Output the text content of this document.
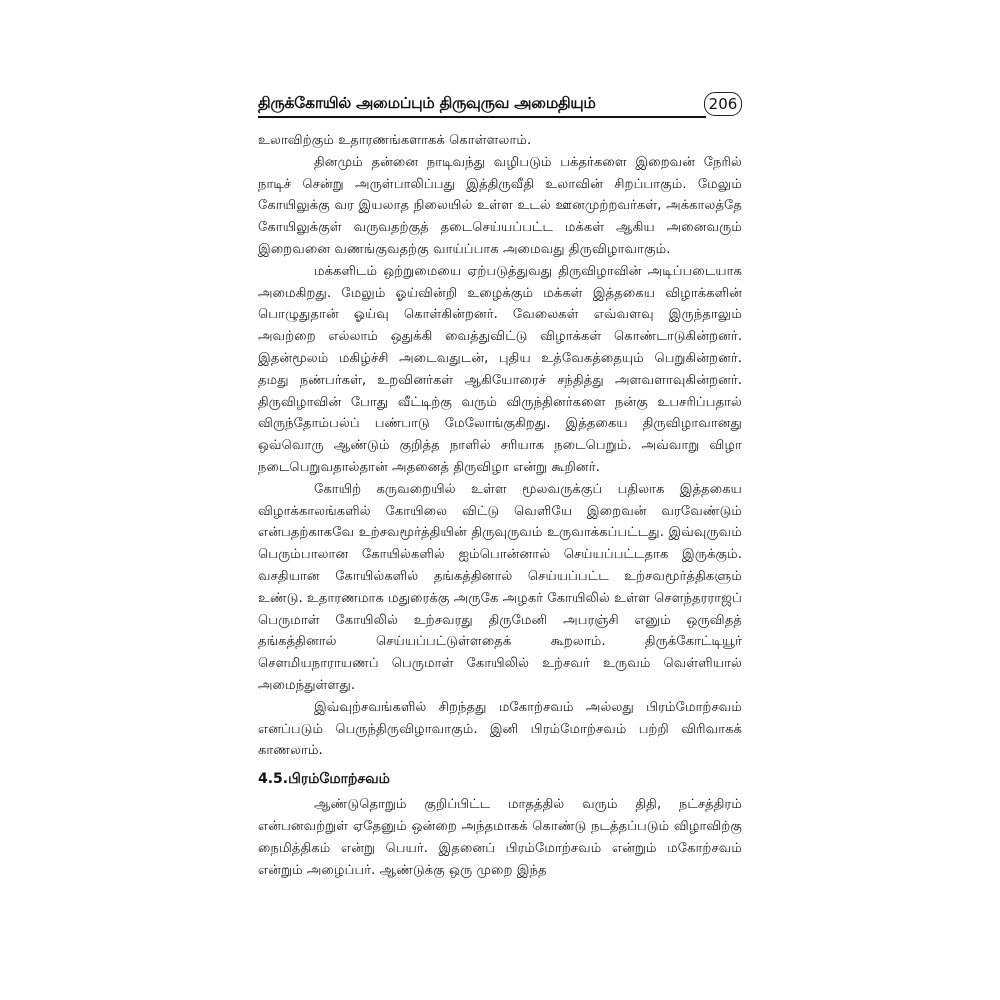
திருக்கோயில் அமைப்பும் திருவுருவ அமைதியும்	206

உலாவிற்கும் உதாரணங்களாகக் கொள்ளலாம்.

தினமும் தன்னை நாடிவந்து வழிபடும் பக்தர்களை இறைவன் நேரில் நாடிச் சென்று அருள்பாலிப்பது இத்திருவீதி உலாவின் சிறப்பாகும். மேலும் கோயிலுக்கு வர இயலாத நிலையில் உள்ள உடல் ஊனமுற்றவர்கள், அக்காலத்தே கோயிலுக்குள் வருவதற்குத் தடைசெய்யப்பட்ட மக்கள் ஆகிய அனைவரும் இறைவனை வணங்குவதற்கு வாய்ப்பாக அமைவது திருவிழாவாகும்.

மக்களிடம் ஒற்றுமையை ஏற்படுத்துவது திருவிழாவின் அடிப்படையாக அமைகிறது. மேலும் ஓய்வின்றி உழைக்கும் மக்கள் இத்தகைய விழாக்களின் பொழுதுதான் ஓய்வு கொள்கின்றனர். வேலைகள் எவ்வளவு இருந்தாலும் அவற்றை எல்லாம் ஒதுக்கி வைத்துவிட்டு விழாக்கள் கொண்டாடுகின்றனர். இதன்மூலம் மகிழ்ச்சி அடைவதுடன், புதிய உத்வேகத்தையும் பெறுகின்றனர். தமது நண்பர்கள், உறவினர்கள் ஆகியோரைச் சந்தித்து அளவளாவுகின்றனர். திருவிழாவின் போது வீட்டிற்கு வரும் விருந்தினர்களை நன்கு உபசரிப்பதால் விருந்தோம்பல்ப் பண்பாடு மேலோங்குகிறது. இத்தகைய திருவிழாவானது ஒவ்வொரு ஆண்டும் குறித்த நாளில் சரியாக நடைபெறும். அவ்வாறு விழா நடைபெறுவதால்தான் அதனைத் திருவிழா என்று கூறினர்.

கோயிற் கருவறையில் உள்ள மூலவருக்குப் பதிலாக இத்தகைய விழாக்காலங்களில் கோயிலை விட்டு வெளியே இறைவன் வரவேண்டும் என்பதற்காகவே உற்சவமூர்த்தியின் திருவுருவம் உருவாக்கப்பட்டது. இவ்வுருவம் பெரும்பாலான கோயில்களில் ஐம்பொன்னால் செய்யப்பட்டதாக இருக்கும். வசதியான கோயில்களில் தங்கத்தினால் செய்யப்பட்ட உற்சவமூர்த்திகளும் உண்டு. உதாரணமாக மதுரைக்கு அருகே அழகர் கோயிலில் உள்ள சௌந்தரராஜப் பெருமாள் கோயிலில் உற்சவரது திருமேனி அபரஞ்சி எனும் ஒருவிதத் தங்கத்தினால் செய்யப்பட்டுள்ளதைக் கூறலாம். திருக்கோட்டியூர் சௌமியநாராயணப் பெருமாள் கோயிலில் உற்சவர் உருவம் வெள்ளியால் அமைந்துள்ளது.

இவ்வுற்சவங்களில் சிறந்தது மகோற்சவம் அல்லது பிரம்மோற்சவம் எனப்படும் பெருந்திருவிழாவாகும். இனி பிரம்மோற்சவம் பற்றி விரிவாகக் காணலாம்.

4.5.பிரம்மோற்சவம்

ஆண்டுதொறும் குறிப்பிட்ட மாதத்தில் வரும் திதி, நட்சத்திரம் என்பனவற்றுள் ஏதேனும் ஒன்றை அந்தமாகக் கொண்டு நடத்தப்படும் விழாவிற்கு நைமித்திகம் என்று பெயர். இதனைப் பிரம்மோற்சவம் என்றும் மகோற்சவம் என்றும் அழைப்பர். ஆண்டுக்கு ஒரு முறை இந்த
